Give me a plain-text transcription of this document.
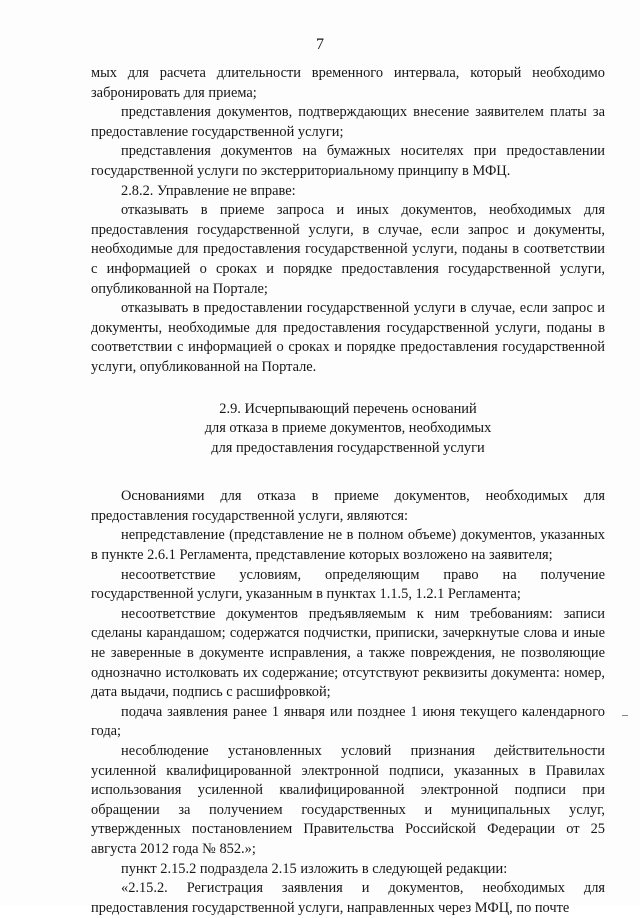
7

мых для расчета длительности временного интервала, который необходимо забронировать для приема;

представления документов, подтверждающих внесение заявителем платы за предоставление государственной услуги;

представления документов на бумажных носителях при предоставлении государственной услуги по экстерриториальному принципу в МФЦ.

2.8.2. Управление не вправе:

отказывать в приеме запроса и иных документов, необходимых для предоставления государственной услуги, в случае, если запрос и документы, необходимые для предоставления государственной услуги, поданы в соответствии с информацией о сроках и порядке предоставления государственной услуги, опубликованной на Портале;

отказывать в предоставлении государственной услуги в случае, если запрос и документы, необходимые для предоставления государственной услуги, поданы в соответствии с информацией о сроках и порядке предоставления государственной услуги, опубликованной на Портале.

2.9. Исчерпывающий перечень оснований
для отказа в приеме документов, необходимых
для предоставления государственной услуги

Основаниями для отказа в приеме документов, необходимых для предоставления государственной услуги, являются:

непредставление (представление не в полном объеме) документов, указанных в пункте 2.6.1 Регламента, представление которых возложено на заявителя;

несоответствие условиям, определяющим право на получение государственной услуги, указанным в пунктах 1.1.5, 1.2.1 Регламента;

несоответствие документов предъявляемым к ним требованиям: записи сделаны карандашом; содержатся подчистки, приписки, зачеркнутые слова и иные не заверенные в документе исправления, а также повреждения, не позволяющие однозначно истолковать их содержание; отсутствуют реквизиты документа: номер, дата выдачи, подпись с расшифровкой;

подача заявления ранее 1 января или позднее 1 июня текущего календарного года;

несоблюдение установленных условий признания действительности усиленной квалифицированной электронной подписи, указанных в Правилах использования усиленной квалифицированной электронной подписи при обращении за получением государственных и муниципальных услуг, утвержденных постановлением Правительства Российской Федерации от 25 августа 2012 года № 852.»;

пункт 2.15.2 подраздела 2.15 изложить в следующей редакции:

«2.15.2. Регистрация заявления и документов, необходимых для предоставления государственной услуги, направленных через МФЦ, по почте
